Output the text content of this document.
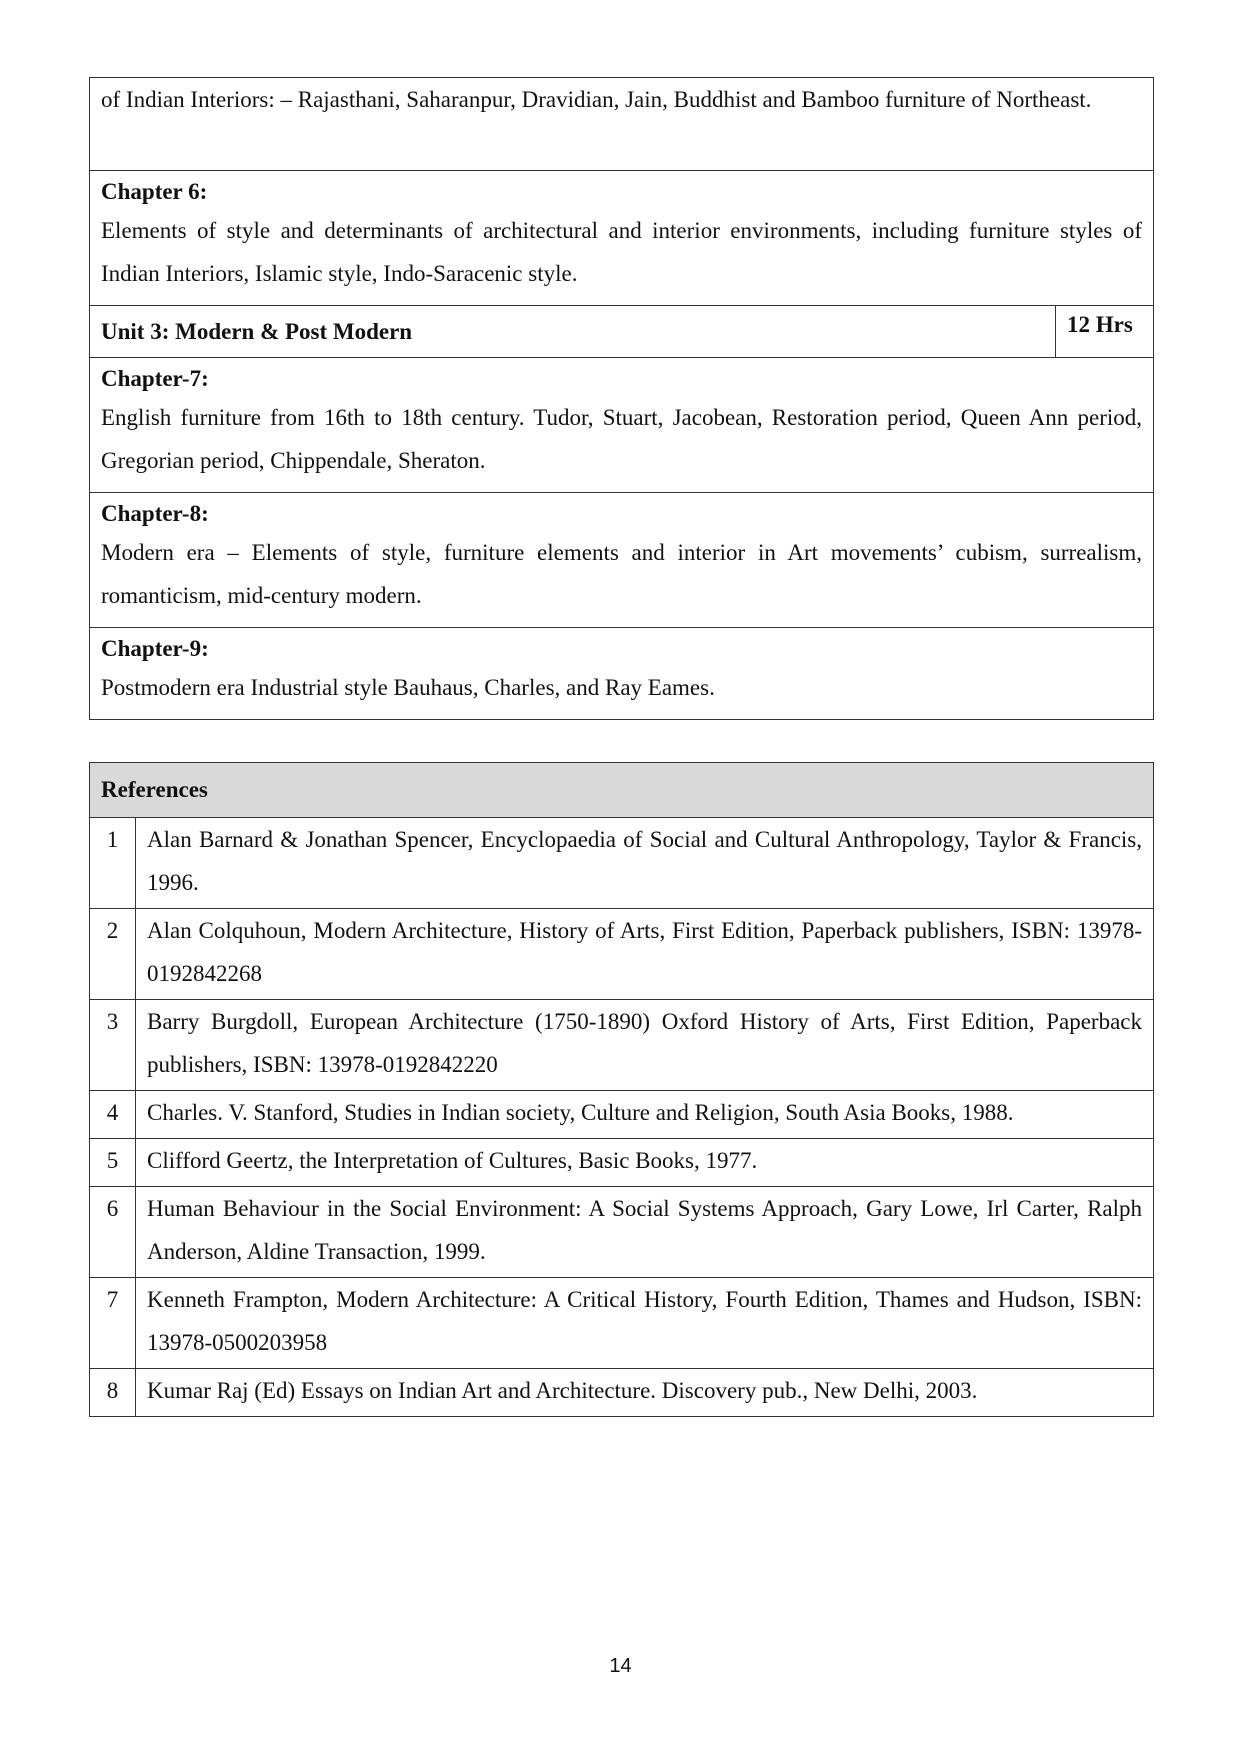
of Indian Interiors: – Rajasthani, Saharanpur, Dravidian, Jain, Buddhist and Bamboo furniture of Northeast.

Chapter 6:
Elements of style and determinants of architectural and interior environments, including furniture styles of Indian Interiors, Islamic style, Indo-Saracenic style.

Unit 3: Modern & Post Modern	12 Hrs

Chapter-7:
English furniture from 16th to 18th century. Tudor, Stuart, Jacobean, Restoration period, Queen Ann period, Gregorian period, Chippendale, Sheraton.

Chapter-8:
Modern era – Elements of style, furniture elements and interior in Art movements’ cubism, surrealism, romanticism, mid-century modern.

Chapter-9:
Postmodern era Industrial style Bauhaus, Charles, and Ray Eames.
References	
1	Alan Barnard & Jonathan Spencer, Encyclopaedia of Social and Cultural Anthropology, Taylor & Francis, 1996.
2	Alan Colquhoun, Modern Architecture, History of Arts, First Edition, Paperback publishers, ISBN: 13978-0192842268
3	Barry Burgdoll, European Architecture (1750-1890) Oxford History of Arts, First Edition, Paperback publishers, ISBN: 13978-0192842220
4	Charles. V. Stanford, Studies in Indian society, Culture and Religion, South Asia Books, 1988.
5	Clifford Geertz, the Interpretation of Cultures, Basic Books, 1977.
6	Human Behaviour in the Social Environment: A Social Systems Approach, Gary Lowe, Irl Carter, Ralph Anderson, Aldine Transaction, 1999.
7	Kenneth Frampton, Modern Architecture: A Critical History, Fourth Edition, Thames and Hudson, ISBN: 13978-0500203958
8	Kumar Raj (Ed) Essays on Indian Art and Architecture. Discovery pub., New Delhi, 2003.
14
